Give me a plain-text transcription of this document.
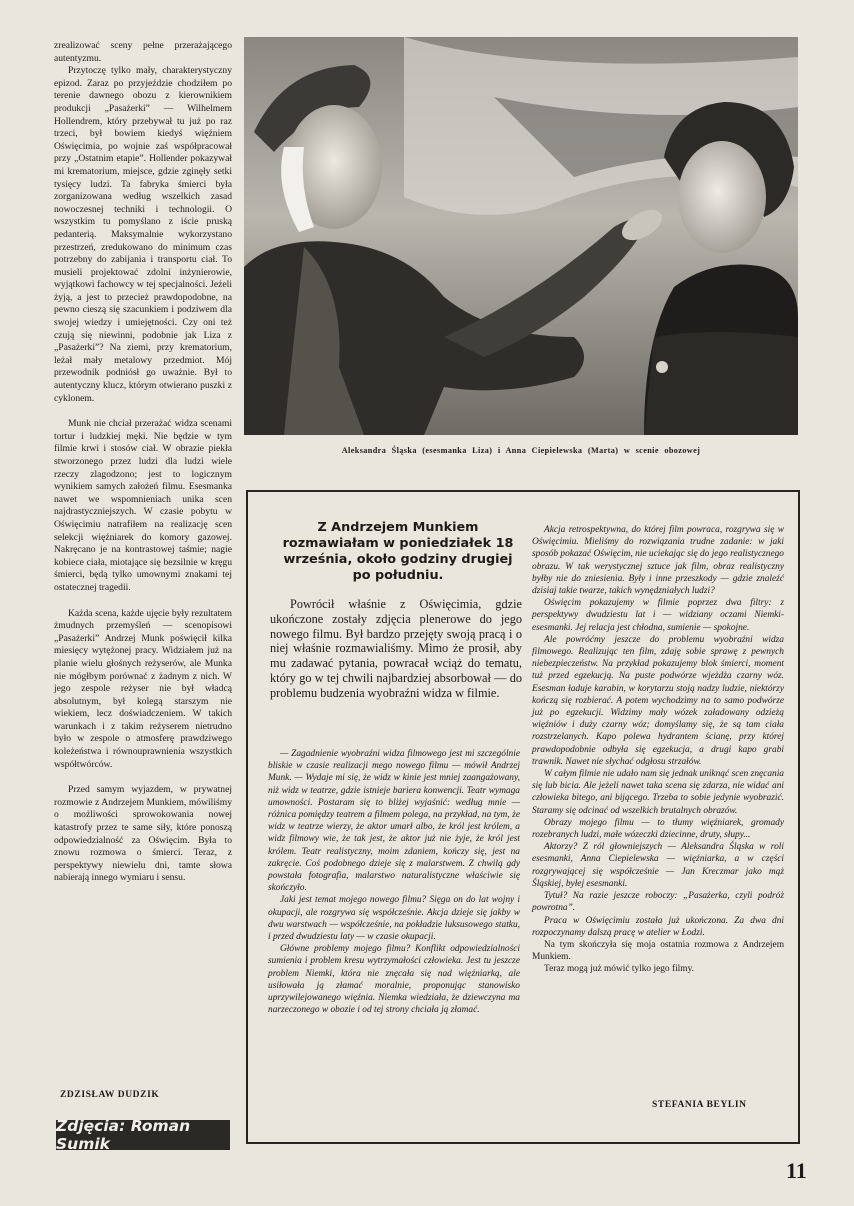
zrealizować sceny pełne przerażającego autentyzmu.

Przytoczę tylko mały, charakterystyczny epizod. Zaraz po przyjeździe chodziłem po terenie dawnego obozu z kierownikiem produkcji „Pasażerki” — Wilhelmem Hollendrem, który przebywał tu już po raz trzeci, był bowiem kiedyś więźniem Oświęcimia, po wojnie zaś współpracował przy „Ostatnim etapie”. Hollender pokazywał mi krematorium, miejsce, gdzie zginęły setki tysięcy ludzi. Ta fabryka śmierci była zorganizowana według wszelkich zasad nowoczesnej techniki i technologii. O wszystkim tu pomyślano z iście pruską pedanterią. Maksymalnie wykorzystano przestrzeń, zredukowano do minimum czas potrzebny do zabijania i transportu ciał. To musieli projektować zdolni inżynierowie, wyjątkowi fachowcy w tej specjalności. Jeżeli żyją, a jest to przecież prawdopodobne, na pewno cieszą się szacunkiem i podziwem dla swojej wiedzy i umiejętności. Czy oni też czują się niewinni, podobnie jak Liza z „Pasażerki”? Na ziemi, przy krematorium, leżał mały metalowy przedmiot. Mój przewodnik podniósł go uważnie. Był to autentyczny klucz, którym otwierano puszki z cyklonem.

Munk nie chciał przerażać widza scenami tortur i ludzkiej męki. Nie będzie w tym filmie krwi i stosów ciał. W obrazie piekła stworzonego przez ludzi dla ludzi wiele rzeczy zlagodzono; jest to logicznym wynikiem samych założeń filmu. Esesmanka nawet we wspomnieniach unika scen najdrastyczniejszych. W czasie pobytu w Oświęcimiu natrafiłem na realizację scen selekcji więźniarek do komory gazowej. Nakręcano je na kontrastowej taśmie; nagie kobiece ciała, miotające się bezsilnie w kręgu śmierci, będą tylko umownymi znakami tej ostatecznej tragedii.

Każda scena, każde ujęcie były rezultatem żmudnych przemyśleń — scenopisowi „Pasażerki” Andrzej Munk poświęcił kilka miesięcy wytężonej pracy. Widziałem już na planie wielu głośnych reżyserów, ale Munka nie mógłbym porównać z żadnym z nich. W jego zespole reżyser nie był władcą absolutnym, był kolegą starszym nie wiekiem, lecz doświadczeniem. W takich warunkach i z takim reżyserem nietrudno było w zespole o atmosferę prawdziwego koleżeństwa i równouprawnienia wszystkich współtwórców.

Przed samym wyjazdem, w prywatnej rozmowie z Andrzejem Munkiem, mówiliśmy o możliwości sprowokowania nowej katastrofy przez te same siły, które ponoszą odpowiedzialność za Oświęcim. Była to znowu rozmowa o śmierci. Teraz, z perspektywy niewielu dni, tamte słowa nabierają innego wymiaru i sensu.

ZDZISŁAW DUDZIK
Zdjęcia: Roman Sumik
Aleksandra Śląska (esesmanka Liza) i Anna Ciepielewska (Marta) w scenie obozowej
Z Andrzejem Munkiem rozmawiałam w poniedziałek 18 września, około godziny drugiej po południu.
Powrócił właśnie z Oświęcimia, gdzie ukończone zostały zdjęcia plenerowe do jego nowego filmu. Był bardzo przejęty swoją pracą i o niej właśnie rozmawialiśmy. Mimo że prosił, aby mu zadawać pytania, powracał wciąż do tematu, który go w tej chwili najbardziej absorbował — do problemu budzenia wyobraźni widza w filmie.

— Zagadnienie wyobraźni widza filmowego jest mi szczególnie bliskie w czasie realizacji mego nowego filmu — mówił Andrzej Munk. — Wydaje mi się, że widz w kinie jest mniej zaangażowany, niż widz w teatrze, gdzie istnieje bariera konwencji. Teatr wymaga umowności. Postaram się to bliżej wyjaśnić: według mnie — różnica pomiędzy teatrem a filmem polega, na przykład, na tym, że widz w teatrze wierzy, że aktor umarł albo, że król jest królem, a widz filmowy wie, że tak jest, że aktor już nie żyje, że król jest królem. Teatr realistyczny, moim zdaniem, kończy się, jest na zakręcie. Coś podobnego dzieje się z malarstwem. Z chwilą gdy powstała fotografia, malarstwo naturalistyczne właściwie się skończyło.

Jaki jest temat mojego nowego filmu? Sięga on do lat wojny i okupacji, ale rozgrywa się współcześnie. Akcja dzieje się jakby w dwu warstwach — współcześnie, na pokładzie luksusowego statku, i przed dwudziestu laty — w czasie okupacji.

Główne problemy mojego filmu? Konflikt odpowiedzialności sumienia i problem kresu wytrzymałości człowieka. Jest tu jeszcze problem Niemki, która nie znęcała się nad więźniarką, ale usiłowała ją złamać moralnie, proponując stanowisko uprzywilejowanego więźnia. Niemka wiedziała, że dziewczyna ma narzeczonego w obozie i od tej strony chciała ją złamać.

Akcja retrospektywna, do której film powraca, rozgrywa się w Oświęcimiu. Mieliśmy do rozwiązania trudne zadanie: w jaki sposób pokazać Oświęcim, nie uciekając się do jego realistycznego obrazu. W tak werystycznej sztuce jak film, obraz realistyczny byłby nie do zniesienia. Były i inne przeszkody — gdzie znaleźć dzisiaj takie twarze, takich wynędzniałych ludzi?

Oświęcim pokazujemy w filmie poprzez dwa filtry: z perspektywy dwudziestu lat i — widziany oczami Niemki-esesmanki. Jej relacja jest chłodna, sumienie — spokojne.

Ale powróćmy jeszcze do problemu wyobraźni widza filmowego. Realizując ten film, zdaję sobie sprawę z pewnych niebezpieczeństw. Na przykład pokazujemy blok śmierci, moment tuż przed egzekucją. Na puste podwórze wjeżdża czarny wóz. Esesman ładuje karabin, w korytarzu stoją nadzy ludzie, niektórzy kończą się rozbierać. A potem wychodzimy na to samo podwórze już po egzekucji. Widzimy mały wózek załadowany odzieżą więźniów i duży czarny wóz; domyślamy się, że są tam ciała rozstrzelanych. Kapo polewa hydrantem ścianę, przy której prawdopodobnie odbyła się egzekucja, a drugi kapo grabi trawnik. Nawet nie słychać odgłosu strzałów.

W całym filmie nie udało nam się jednak uniknąć scen znęcania się lub bicia. Ale jeżeli nawet taka scena się zdarza, nie widać ani człowieka bitego, ani bijącego. Trzeba to sobie jedynie wyobrazić. Staramy się odcinać od wszelkich brutalnych obrazów.

Obrazy mojego filmu — to tłumy więźniarek, gromady rozebranych ludzi, małe wózeczki dziecinne, druty, słupy...

Aktorzy? Z ról głowniejszych — Aleksandra Śląska w roli esesmanki, Anna Ciepielewska — więźniarka, a w części rozgrywającej się współcześnie — Jan Kreczmar jako mąż Śląskiej, byłej esesmanki.

Tytuł? Na razie jeszcze roboczy: „Pasażerka, czyli podróż powrotna”.

Praca w Oświęcimiu została już ukończona. Za dwa dni rozpoczynamy dalszą pracę w atelier w Łodzi.

Na tym skończyła się moja ostatnia rozmowa z Andrzejem Munkiem.

Teraz mogą już mówić tylko jego filmy.

STEFANIA BEYLIN
11
